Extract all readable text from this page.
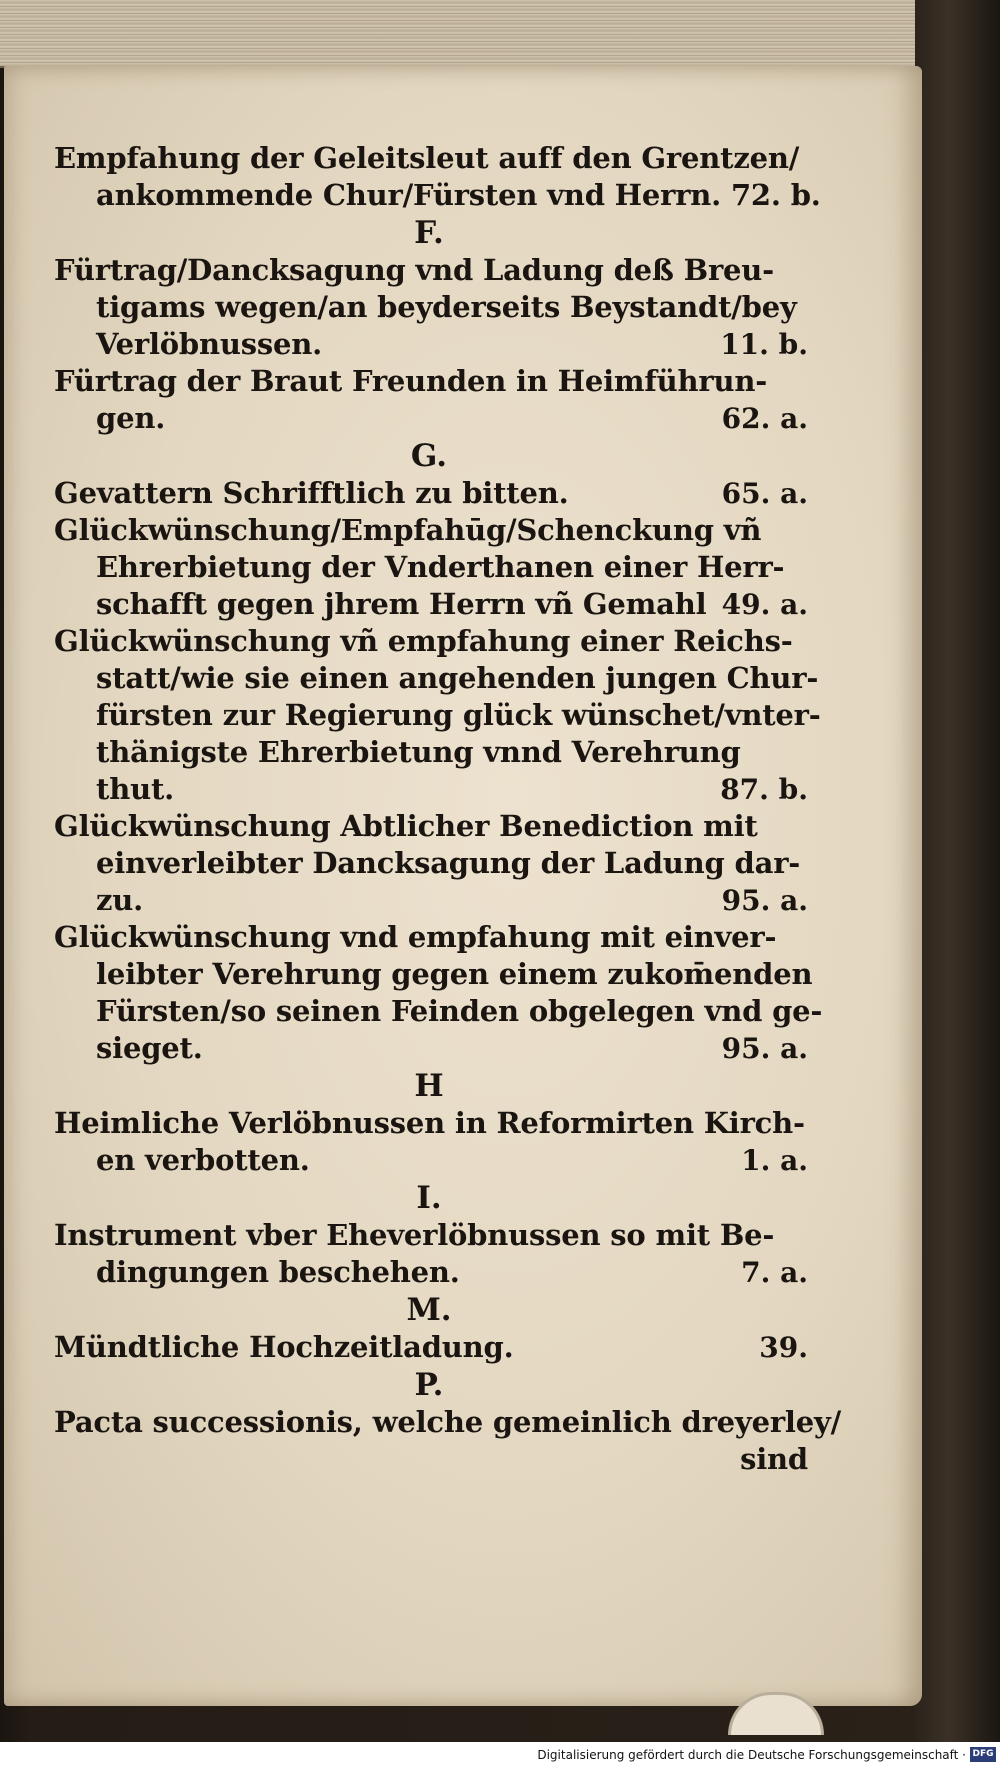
Empfahung der Geleitsleut auff den Grentzen/
ankommende Chur/Fürsten vnd Herrn. 72. b.
F.
Fürtrag/Dancksagung vnd Ladung deß Breu-
tigams wegen/an beyderseits Beystandt/bey
Verlöbnussen.	11. b.
Fürtrag der Braut Freunden in Heimführun-
gen.	62. a.
G.
Gevattern Schrifftlich zu bitten.	65. a.
Glückwünschung/Empfahūg/Schenckung vñ
Ehrerbietung der Vnderthanen einer Herr-
schafft gegen jhrem Herrn vñ Gemahl 49. a.
Glückwünschung vñ empfahung einer Reichs-
statt/wie sie einen angehenden jungen Chur-
fürsten zur Regierung glück wünschet/vnter-
thänigste Ehrerbietung vnnd Verehrung
thut.	87. b.
Glückwünschung Abtlicher Benediction mit
einverleibter Dancksagung der Ladung dar-
zu.	95. a.
Glückwünschung vnd empfahung mit einver-
leibter Verehrung gegen einem zukom̄enden
Fürsten/so seinen Feinden obgelegen vnd ge-
sieget.	95. a.
H
Heimliche Verlöbnussen in Reformirten Kirch-
en verbotten.	1. a.
I.
Instrument vber Eheverlöbnussen so mit Be-
dingungen beschehen.	7. a.
M.
Mündtliche Hochzeitladung.	39.
P.
Pacta successionis, welche gemeinlich dreyerley/
sind
Digitalisierung gefördert durch die Deutsche Forschungsgemeinschaft · DFG
